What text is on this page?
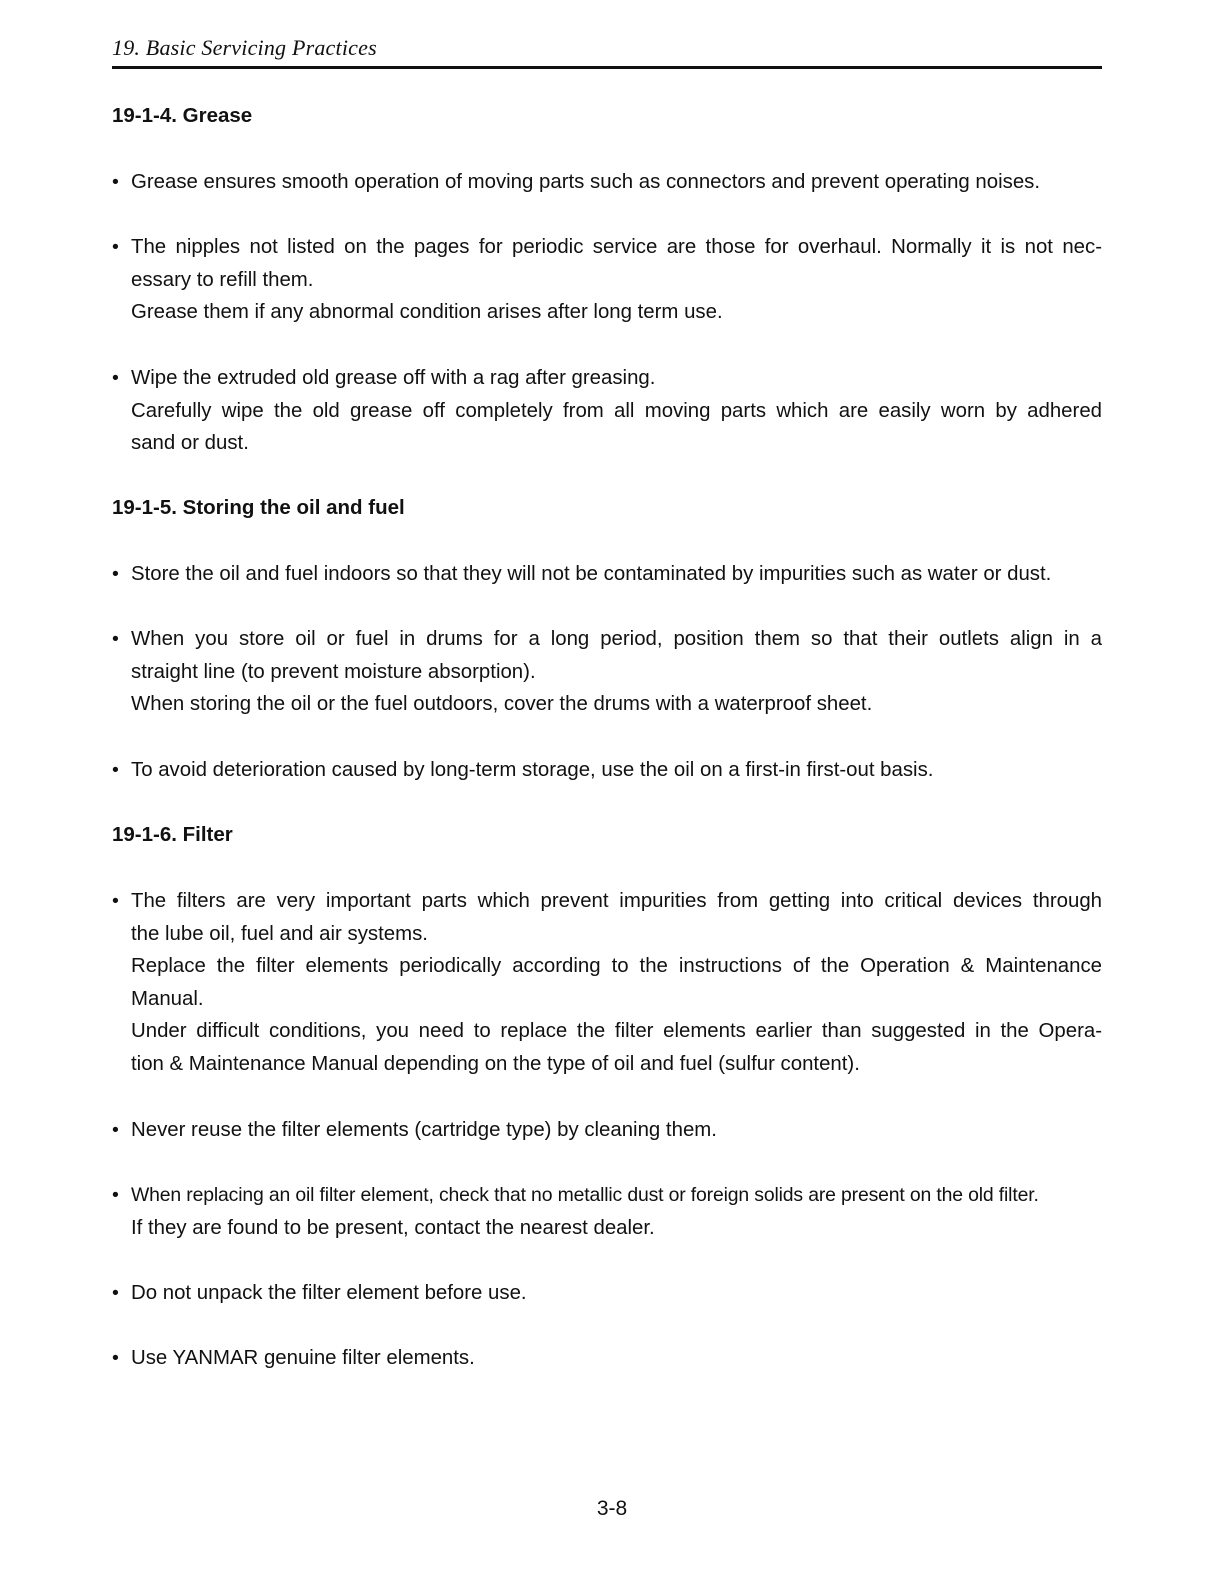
19. Basic Servicing Practices
19-1-4. Grease
• Grease ensures smooth operation of moving parts such as connectors and prevent operating noises.
• The nipples not listed on the pages for periodic service are those for overhaul. Normally it is not nec-
essary to refill them.
Grease them if any abnormal condition arises after long term use.
• Wipe the extruded old grease off with a rag after greasing.
Carefully wipe the old grease off completely from all moving parts which are easily worn by adhered
sand or dust.
19-1-5. Storing the oil and fuel
• Store the oil and fuel indoors so that they will not be contaminated by impurities such as water or dust.
• When you store oil or fuel in drums for a long period, position them so that their outlets align in a
straight line (to prevent moisture absorption).
When storing the oil or the fuel outdoors, cover the drums with a waterproof sheet.
• To avoid deterioration caused by long-term storage, use the oil on a first-in first-out basis.
19-1-6. Filter
• The filters are very important parts which prevent impurities from getting into critical devices through
the lube oil, fuel and air systems.
Replace the filter elements periodically according to the instructions of the Operation & Maintenance
Manual.
Under difficult conditions, you need to replace the filter elements earlier than suggested in the Opera-
tion & Maintenance Manual depending on the type of oil and fuel (sulfur content).
• Never reuse the filter elements (cartridge type) by cleaning them.
• When replacing an oil filter element, check that no metallic dust or foreign solids are present on the old filter.
If they are found to be present, contact the nearest dealer.
• Do not unpack the filter element before use.
• Use YANMAR genuine filter elements.
3-8
